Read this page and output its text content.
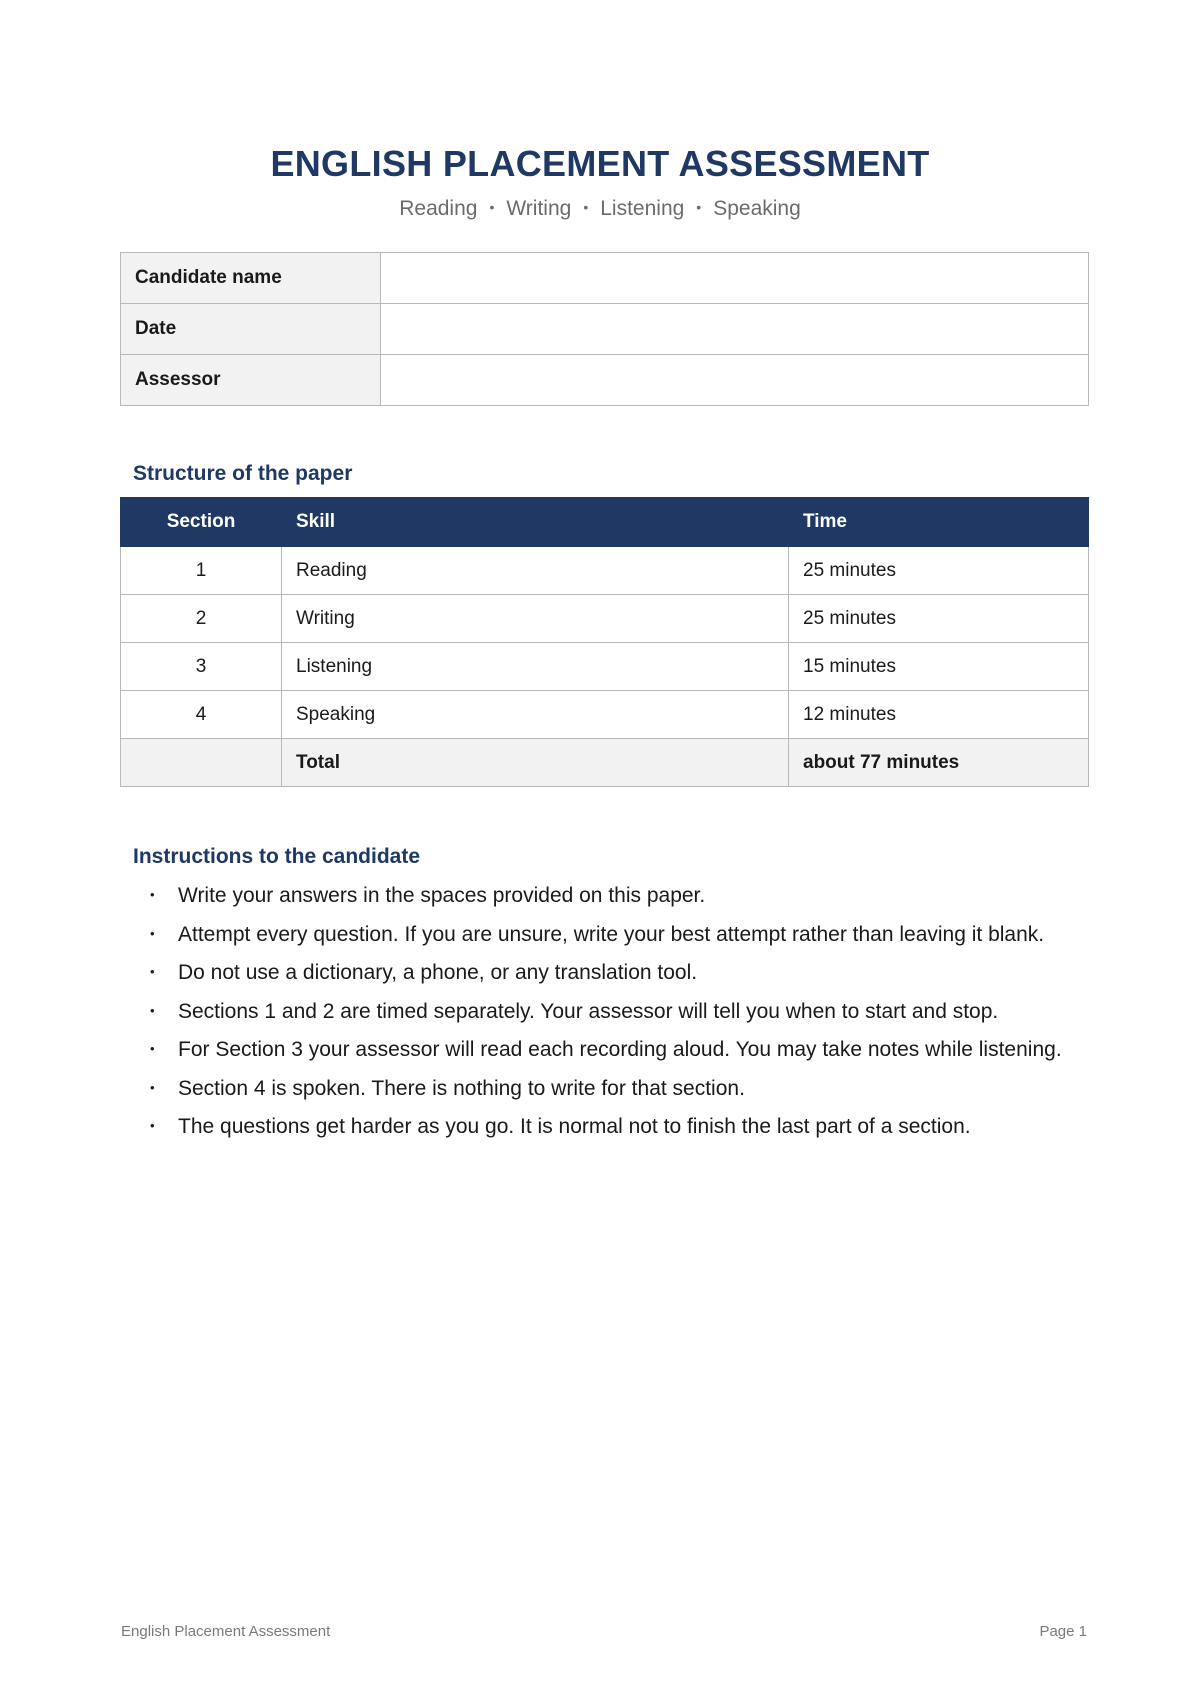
ENGLISH PLACEMENT ASSESSMENT
Reading • Writing • Listening • Speaking
Candidate name	
Date	
Assessor	
Structure of the paper
Section	Skill	Time
1	Reading	25 minutes
2	Writing	25 minutes
3	Listening	15 minutes
4	Speaking	12 minutes
	Total	about 77 minutes
Instructions to the candidate
• Write your answers in the spaces provided on this paper.
• Attempt every question. If you are unsure, write your best attempt rather than leaving it blank.
• Do not use a dictionary, a phone, or any translation tool.
• Sections 1 and 2 are timed separately. Your assessor will tell you when to start and stop.
• For Section 3 your assessor will read each recording aloud. You may take notes while listening.
• Section 4 is spoken. There is nothing to write for that section.
• The questions get harder as you go. It is normal not to finish the last part of a section.
English Placement Assessment	Page 1
